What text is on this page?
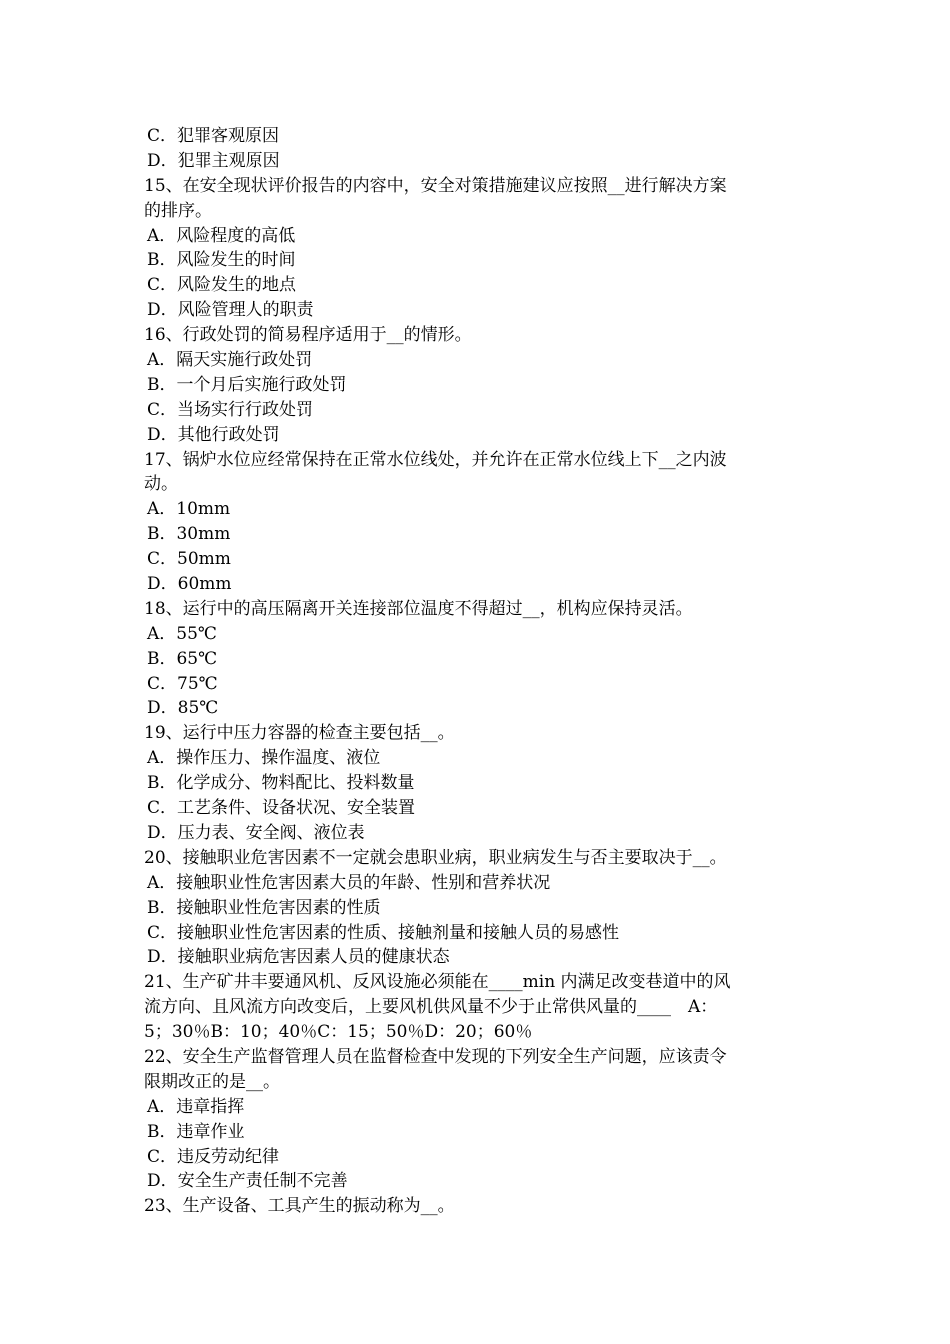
C．犯罪客观原因
D．犯罪主观原因
15、在安全现状评价报告的内容中，安全对策措施建议应按照__进行解决方案
的排序。
A．风险程度的高低
B．风险发生的时间
C．风险发生的地点
D．风险管理人的职责
16、行政处罚的简易程序适用于__的情形。
A．隔天实施行政处罚
B．一个月后实施行政处罚
C．当场实行行政处罚
D．其他行政处罚
17、锅炉水位应经常保持在正常水位线处，并允许在正常水位线上下__之内波
动。
A．10mm
B．30mm
C．50mm
D．60mm
18、运行中的高压隔离开关连接部位温度不得超过__，机构应保持灵活。
A．55℃
B．65℃
C．75℃
D．85℃
19、运行中压力容器的检查主要包括__。
A．操作压力、操作温度、液位
B．化学成分、物料配比、投料数量
C．工艺条件、设备状况、安全装置
D．压力表、安全阀、液位表
20、接触职业危害因素不一定就会患职业病，职业病发生与否主要取决于__。
A．接触职业性危害因素大员的年龄、性别和营养状况
B．接触职业性危害因素的性质
C．接触职业性危害因素的性质、接触剂量和接触人员的易感性
D．接触职业病危害因素人员的健康状态
21、生产矿井丰要通风机、反风设施必须能在____min 内满足改变巷道中的风
流方向、且风流方向改变后，上要风机供风量不少于止常供风量的____　A：
5；30％B：10；40％C：15；50％D：20；60％
22、安全生产监督管理人员在监督检查中发现的下列安全生产问题，应该责令
限期改正的是__。
A．违章指挥
B．违章作业
C．违反劳动纪律
D．安全生产责任制不完善
23、生产设备、工具产生的振动称为__。
